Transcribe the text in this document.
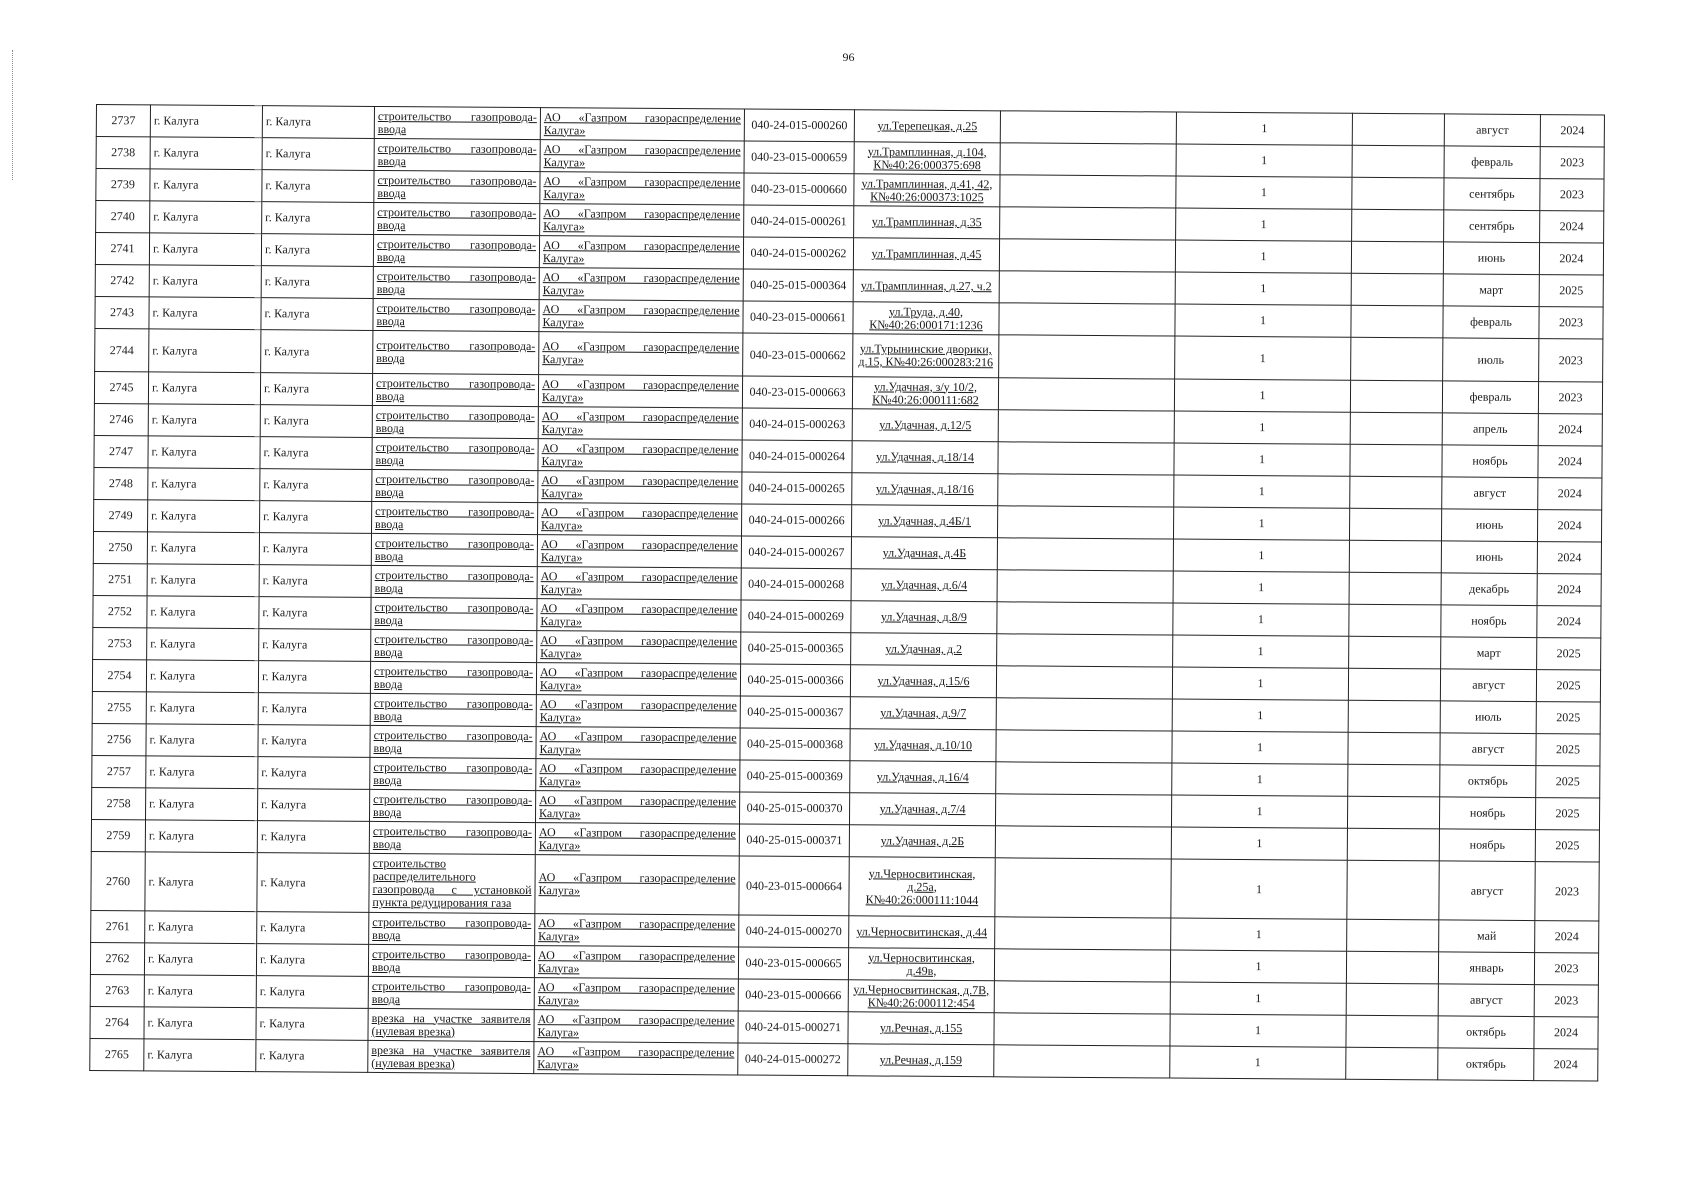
96
2737	г. Калуга	г. Калуга	строительство газопровода-ввода	АО «Газпром газораспределение Калуга»	040-24-015-000260	ул.Терепецкая, д.25		1		август	2024
2738	г. Калуга	г. Калуга	строительство газопровода-ввода	АО «Газпром газораспределение Калуга»	040-23-015-000659	ул.Трамплинная, д.104, К№40:26:000375:698		1		февраль	2023
2739	г. Калуга	г. Калуга	строительство газопровода-ввода	АО «Газпром газораспределение Калуга»	040-23-015-000660	ул.Трамплинная, д.41, 42, К№40:26:000373:1025		1		сентябрь	2023
2740	г. Калуга	г. Калуга	строительство газопровода-ввода	АО «Газпром газораспределение Калуга»	040-24-015-000261	ул.Трамплинная, д.35		1		сентябрь	2024
2741	г. Калуга	г. Калуга	строительство газопровода-ввода	АО «Газпром газораспределение Калуга»	040-24-015-000262	ул.Трамплинная, д.45		1		июнь	2024
2742	г. Калуга	г. Калуга	строительство газопровода-ввода	АО «Газпром газораспределение Калуга»	040-25-015-000364	ул.Трамплинная, д.27, ч.2		1		март	2025
2743	г. Калуга	г. Калуга	строительство газопровода-ввода	АО «Газпром газораспределение Калуга»	040-23-015-000661	ул.Труда, д.40, К№40:26:000171:1236		1		февраль	2023
2744	г. Калуга	г. Калуга	строительство газопровода-ввода	АО «Газпром газораспределение Калуга»	040-23-015-000662	ул.Турынинские дворики, д.15, К№40:26:000283:216		1		июль	2023
2745	г. Калуга	г. Калуга	строительство газопровода-ввода	АО «Газпром газораспределение Калуга»	040-23-015-000663	ул.Удачная, з/у 10/2, К№40:26:000111:682		1		февраль	2023
2746	г. Калуга	г. Калуга	строительство газопровода-ввода	АО «Газпром газораспределение Калуга»	040-24-015-000263	ул.Удачная, д.12/5		1		апрель	2024
2747	г. Калуга	г. Калуга	строительство газопровода-ввода	АО «Газпром газораспределение Калуга»	040-24-015-000264	ул.Удачная, д.18/14		1		ноябрь	2024
2748	г. Калуга	г. Калуга	строительство газопровода-ввода	АО «Газпром газораспределение Калуга»	040-24-015-000265	ул.Удачная, д.18/16		1		август	2024
2749	г. Калуга	г. Калуга	строительство газопровода-ввода	АО «Газпром газораспределение Калуга»	040-24-015-000266	ул.Удачная, д.4Б/1		1		июнь	2024
2750	г. Калуга	г. Калуга	строительство газопровода-ввода	АО «Газпром газораспределение Калуга»	040-24-015-000267	ул.Удачная, д.4Б		1		июнь	2024
2751	г. Калуга	г. Калуга	строительство газопровода-ввода	АО «Газпром газораспределение Калуга»	040-24-015-000268	ул.Удачная, д.6/4		1		декабрь	2024
2752	г. Калуга	г. Калуга	строительство газопровода-ввода	АО «Газпром газораспределение Калуга»	040-24-015-000269	ул.Удачная, д.8/9		1		ноябрь	2024
2753	г. Калуга	г. Калуга	строительство газопровода-ввода	АО «Газпром газораспределение Калуга»	040-25-015-000365	ул.Удачная, д.2		1		март	2025
2754	г. Калуга	г. Калуга	строительство газопровода-ввода	АО «Газпром газораспределение Калуга»	040-25-015-000366	ул.Удачная, д.15/6		1		август	2025
2755	г. Калуга	г. Калуга	строительство газопровода-ввода	АО «Газпром газораспределение Калуга»	040-25-015-000367	ул.Удачная, д.9/7		1		июль	2025
2756	г. Калуга	г. Калуга	строительство газопровода-ввода	АО «Газпром газораспределение Калуга»	040-25-015-000368	ул.Удачная, д.10/10		1		август	2025
2757	г. Калуга	г. Калуга	строительство газопровода-ввода	АО «Газпром газораспределение Калуга»	040-25-015-000369	ул.Удачная, д.16/4		1		октябрь	2025
2758	г. Калуга	г. Калуга	строительство газопровода-ввода	АО «Газпром газораспределение Калуга»	040-25-015-000370	ул.Удачная, д.7/4		1		ноябрь	2025
2759	г. Калуга	г. Калуга	строительство газопровода-ввода	АО «Газпром газораспределение Калуга»	040-25-015-000371	ул.Удачная, д.2Б		1		ноябрь	2025
2760	г. Калуга	г. Калуга	строительство распределительного газопровода с установкой пункта редуцирования газа	АО «Газпром газораспределение Калуга»	040-23-015-000664	ул.Черносвитинская, д.25а, К№40:26:000111:1044		1		август	2023
2761	г. Калуга	г. Калуга	строительство газопровода-ввода	АО «Газпром газораспределение Калуга»	040-24-015-000270	ул.Черносвитинская, д.44		1		май	2024
2762	г. Калуга	г. Калуга	строительство газопровода-ввода	АО «Газпром газораспределение Калуга»	040-23-015-000665	ул.Черносвитинская, д.49в,		1		январь	2023
2763	г. Калуга	г. Калуга	строительство газопровода-ввода	АО «Газпром газораспределение Калуга»	040-23-015-000666	ул.Черносвитинская, д.7В, К№40:26:000112:454		1		август	2023
2764	г. Калуга	г. Калуга	врезка на участке заявителя (нулевая врезка)	АО «Газпром газораспределение Калуга»	040-24-015-000271	ул.Речная, д.155		1		октябрь	2024
2765	г. Калуга	г. Калуга	врезка на участке заявителя (нулевая врезка)	АО «Газпром газораспределение Калуга»	040-24-015-000272	ул.Речная, д.159		1		октябрь	2024
